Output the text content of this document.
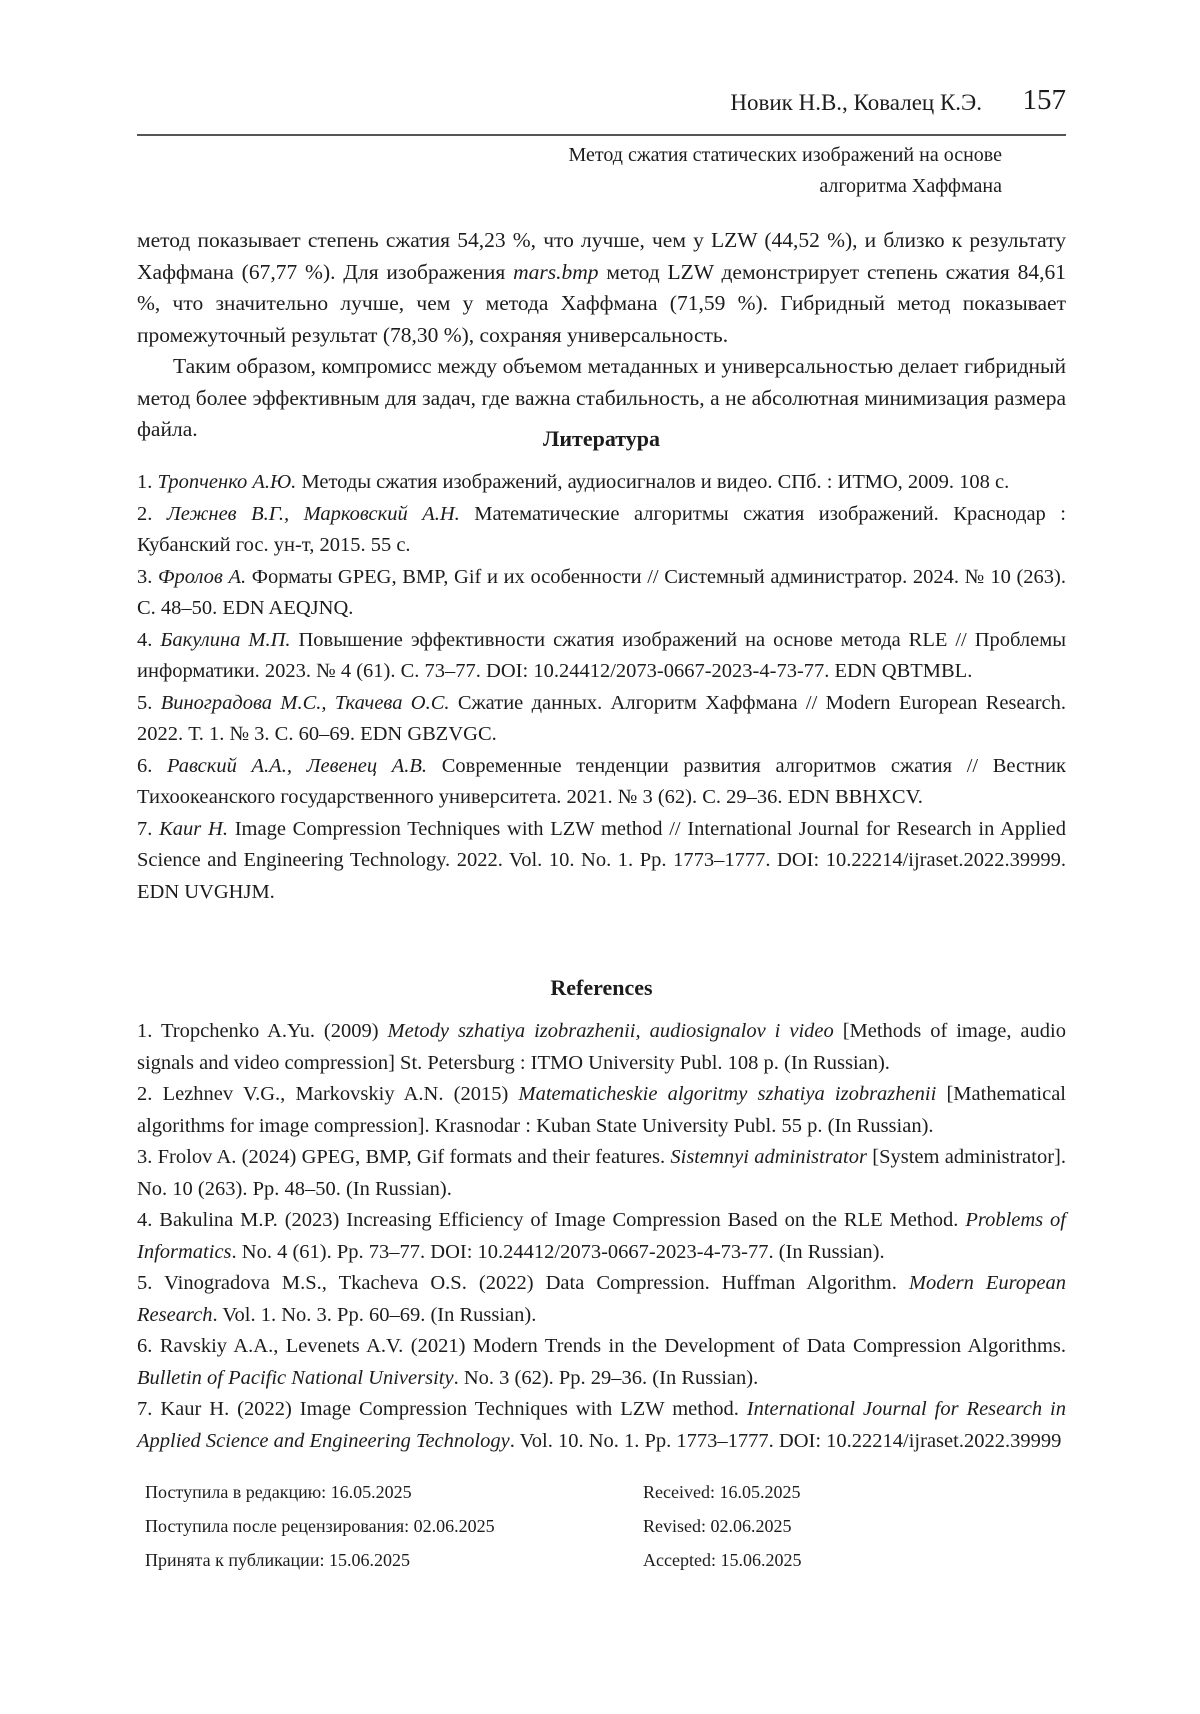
Новик Н.В., Ковалец К.Э. 157
Метод сжатия статических изображений на основе
алгоритма Хаффмана

метод показывает степень сжатия 54,23 %, что лучше, чем у LZW (44,52 %), и близко к результату Хаффмана (67,77 %). Для изображения mars.bmp метод LZW демонстрирует степень сжатия 84,61 %, что значительно лучше, чем у метода Хаффмана (71,59 %). Гибридный метод показывает промежуточный результат (78,30 %), сохраняя универсальность.

Таким образом, компромисс между объемом метаданных и универсальностью делает гибридный метод более эффективным для задач, где важна стабильность, а не абсолютная минимизация размера файла.	Литература
1. Тропченко А.Ю. Методы сжатия изображений, аудиосигналов и видео. СПб. : ИТМО, 2009. 108 с.
2. Лежнев В.Г., Марковский А.Н. Математические алгоритмы сжатия изображений. Краснодар : Кубанский гос. ун-т, 2015. 55 с.
3. Фролов А. Форматы GPEG, BMP, Gif и их особенности // Системный администратор. 2024. № 10 (263). С. 48–50. EDN AEQJNQ.
4. Бакулина М.П. Повышение эффективности сжатия изображений на основе метода RLE // Проблемы информатики. 2023. № 4 (61). С. 73–77. DOI: 10.24412/2073-0667-2023-4-73-77. EDN QBTMBL.
5. Виноградова М.С., Ткачева О.С. Сжатие данных. Алгоритм Хаффмана // Modern European Research. 2022. Т. 1. № 3. С. 60–69. EDN GBZVGC.
6. Равский А.А., Левенец А.В. Современные тенденции развития алгоритмов сжатия // Вестник Тихоокеанского государственного университета. 2021. № 3 (62). С. 29–36. EDN BBHXCV.
7. Kaur H. Image Compression Techniques with LZW method // International Journal for Research in Applied Science and Engineering Technology. 2022. Vol. 10. No. 1. Pp. 1773–1777. DOI: 10.22214/ijraset.2022.39999. EDN UVGHJM.
References
1. Tropchenko A.Yu. (2009) Metody szhatiya izobrazhenii, audiosignalov i video [Methods of image, audio signals and video compression] St. Petersburg : ITMO University Publ. 108 p. (In Russian).
2. Lezhnev V.G., Markovskiy A.N. (2015) Matematicheskie algoritmy szhatiya izobrazhenii [Mathematical algorithms for image compression]. Krasnodar : Kuban State University Publ. 55 p. (In Russian).
3. Frolov A. (2024) GPEG, BMP, Gif formats and their features. Sistemnyi administrator [System administrator]. No. 10 (263). Pp. 48–50. (In Russian).
4. Bakulina M.P. (2023) Increasing Efficiency of Image Compression Based on the RLE Method. Problems of Informatics. No. 4 (61). Pp. 73–77. DOI: 10.24412/2073-0667-2023-4-73-77. (In Russian).
5. Vinogradova M.S., Tkacheva O.S. (2022) Data Compression. Huffman Algorithm. Modern European Research. Vol. 1. No. 3. Pp. 60–69. (In Russian).
6. Ravskiy A.A., Levenets A.V. (2021) Modern Trends in the Development of Data Compression Algorithms. Bulletin of Pacific National University. No. 3 (62). Pp. 29–36. (In Russian).
7. Kaur H. (2022) Image Compression Techniques with LZW method. International Journal for Research in Applied Science and Engineering Technology. Vol. 10. No. 1. Pp. 1773–1777. DOI: 10.22214/ijraset.2022.39999
Поступила в редакцию: 16.05.2025
Поступила после рецензирования: 02.06.2025
Принята к публикации: 15.06.2025
Received: 16.05.2025
Revised: 02.06.2025
Accepted: 15.06.2025
